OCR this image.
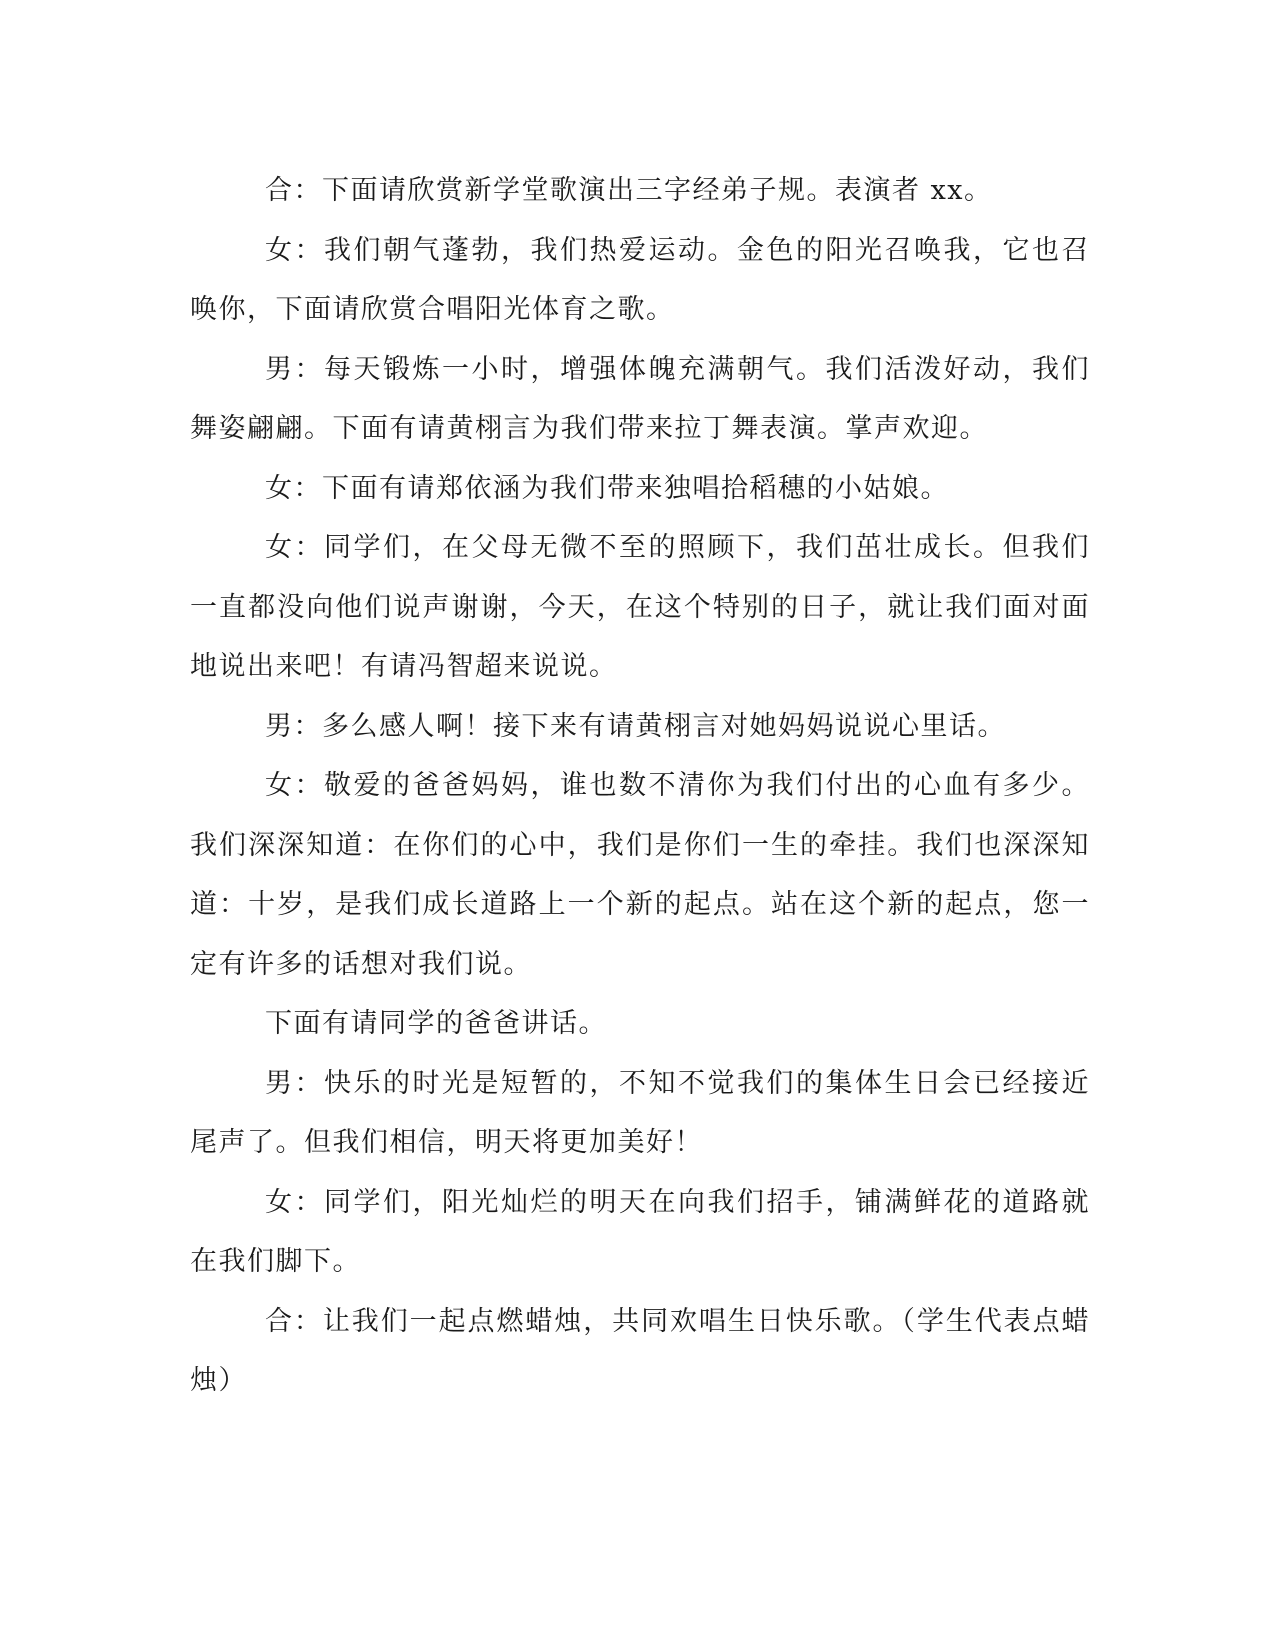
合：下面请欣赏新学堂歌演出三字经弟子规。表演者 xx。

女：我们朝气蓬勃，我们热爱运动。金色的阳光召唤我，它也召唤你，下面请欣赏合唱阳光体育之歌。

男：每天锻炼一小时，增强体魄充满朝气。我们活泼好动，我们舞姿翩翩。下面有请黄栩言为我们带来拉丁舞表演。掌声欢迎。

女：下面有请郑依涵为我们带来独唱拾稻穗的小姑娘。

女：同学们，在父母无微不至的照顾下，我们茁壮成长。但我们一直都没向他们说声谢谢，今天，在这个特别的日子，就让我们面对面地说出来吧！有请冯智超来说说。

男：多么感人啊！接下来有请黄栩言对她妈妈说说心里话。

女：敬爱的爸爸妈妈，谁也数不清你为我们付出的心血有多少。我们深深知道：在你们的心中，我们是你们一生的牵挂。我们也深深知道：十岁，是我们成长道路上一个新的起点。站在这个新的起点，您一定有许多的话想对我们说。

下面有请同学的爸爸讲话。

男：快乐的时光是短暂的，不知不觉我们的集体生日会已经接近尾声了。但我们相信，明天将更加美好！

女：同学们，阳光灿烂的明天在向我们招手，铺满鲜花的道路就在我们脚下。

合：让我们一起点燃蜡烛，共同欢唱生日快乐歌。（学生代表点蜡烛）
